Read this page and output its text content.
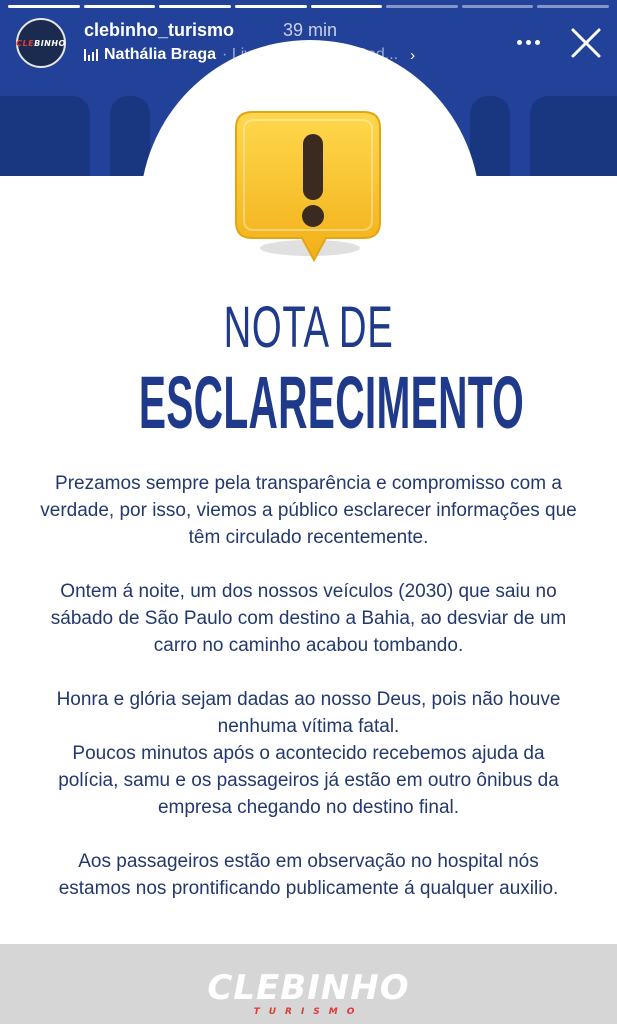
CLEBINHO
clebinho_turismo	39 min
Nathália Braga · Livramento (feat. Ped... ›
NOTA DE
ESCLARECIMENTO

Prezamos sempre pela transparência e compromisso com a verdade, por isso, viemos a público esclarecer informações que têm circulado recentemente.

Ontem á noite, um dos nossos veículos (2030) que saiu no sábado de São Paulo com destino a Bahia, ao desviar de um carro no caminho acabou tombando.

Honra e glória sejam dadas ao nosso Deus, pois não houve nenhuma vítima fatal.

Poucos minutos após o acontecido recebemos ajuda da polícia, samu e os passageiros já estão em outro ônibus da empresa chegando no destino final.

Aos passageiros estão em observação no hospital nós estamos nos prontificando publicamente á qualquer auxilio.

CLEBINHO
TURISMO
